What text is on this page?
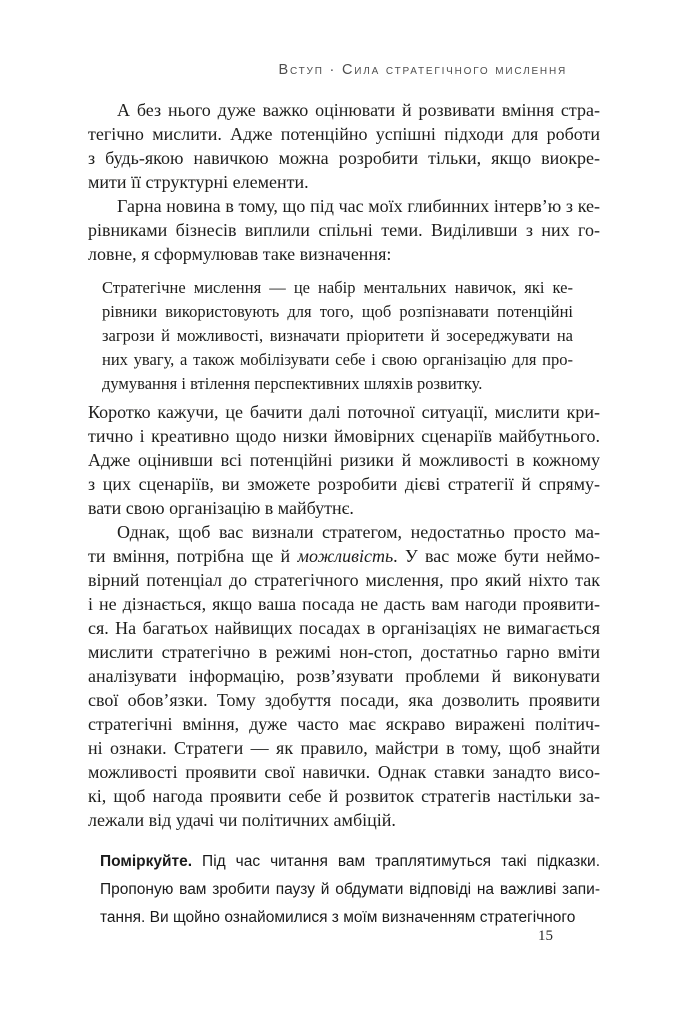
Вступ · Сила стратегічного мислення
А без нього дуже важко оцінювати й розвивати вміння стра-
тегічно мислити. Адже потенційно успішні підходи для роботи
з будь-якою навичкою можна розробити тільки, якщо виокре-
мити її структурні елементи.
Гарна новина в тому, що під час моїх глибинних інтерв’ю з ке-
рівниками бізнесів виплили спільні теми. Виділивши з них го-
ловне, я сформулював таке визначення:
Стратегічне мислення — це набір ментальних навичок, які ке-
рівники використовують для того, щоб розпізнавати потенційні
загрози й можливості, визначати пріоритети й зосереджувати на
них увагу, а також мобілізувати себе і свою організацію для про-
думування і втілення перспективних шляхів розвитку.
Коротко кажучи, це бачити далі поточної ситуації, мислити кри-
тично і креативно щодо низки ймовірних сценаріїв майбутнього.
Адже оцінивши всі потенційні ризики й можливості в кожному
з цих сценаріїв, ви зможете розробити дієві стратегії й спряму-
вати свою організацію в майбутнє.
Однак, щоб вас визнали стратегом, недостатньо просто ма-
ти вміння, потрібна ще й можливість. У вас може бути неймо-
вірний потенціал до стратегічного мислення, про який ніхто так
і не дізнається, якщо ваша посада не дасть вам нагоди проявити-
ся. На багатьох найвищих посадах в організаціях не вимагається
мислити стратегічно в режимі нон-стоп, достатньо гарно вміти
аналізувати інформацію, розв’язувати проблеми й виконувати
свої обов’язки. Тому здобуття посади, яка дозволить проявити
стратегічні вміння, дуже часто має яскраво виражені політич-
ні ознаки. Стратеги — як правило, майстри в тому, щоб знайти
можливості проявити свої навички. Однак ставки занадто висо-
кі, щоб нагода проявити себе й розвиток стратегів настільки за-
лежали від удачі чи політичних амбіцій.
Поміркуйте. Під час читання вам траплятимуться такі підказки.
Пропоную вам зробити паузу й обдумати відповіді на важливі запи-
тання. Ви щойно ознайомилися з моїм визначенням стратегічного
15
